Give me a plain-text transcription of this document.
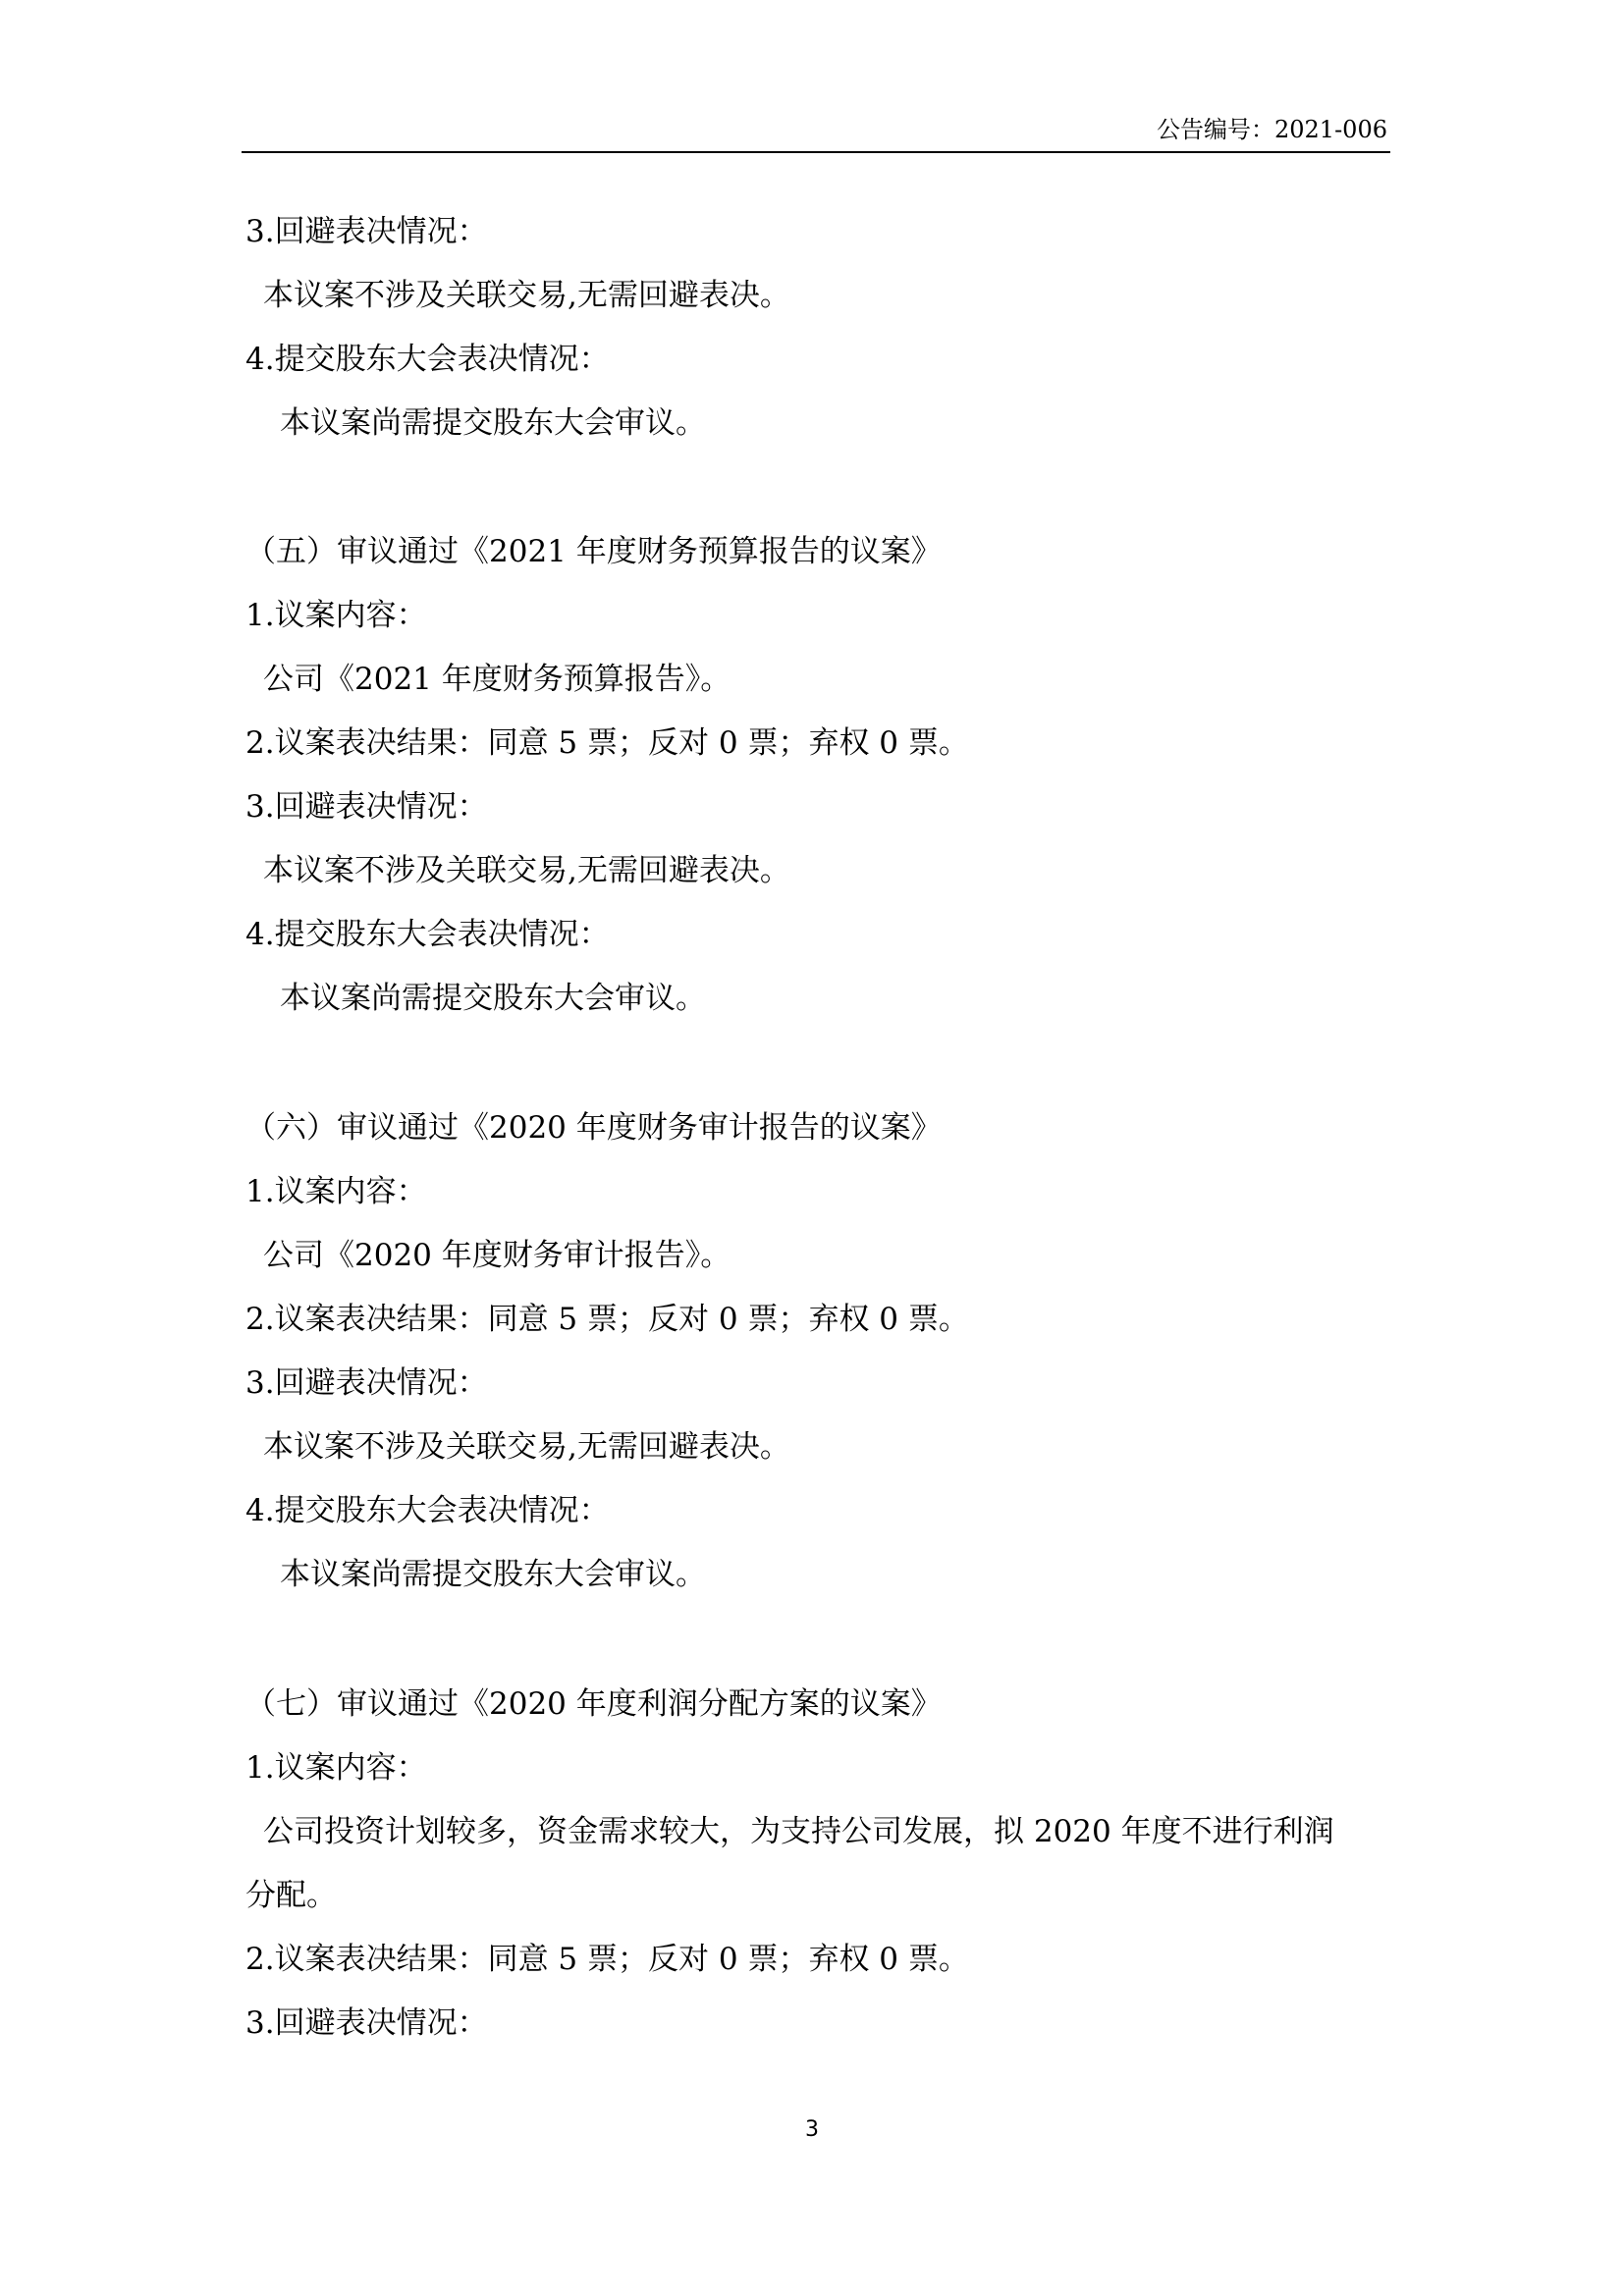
公告编号：2021-006
3.回避表决情况：
本议案不涉及关联交易,无需回避表决。
4.提交股东大会表决情况：
本议案尚需提交股东大会审议。
（五）审议通过《2021 年度财务预算报告的议案》
1.议案内容：
公司《2021 年度财务预算报告》。
2.议案表决结果：同意 5 票；反对 0 票；弃权 0 票。
3.回避表决情况：
本议案不涉及关联交易,无需回避表决。
4.提交股东大会表决情况：
本议案尚需提交股东大会审议。
（六）审议通过《2020 年度财务审计报告的议案》
1.议案内容：
公司《2020 年度财务审计报告》。
2.议案表决结果：同意 5 票；反对 0 票；弃权 0 票。
3.回避表决情况：
本议案不涉及关联交易,无需回避表决。
4.提交股东大会表决情况：
本议案尚需提交股东大会审议。
（七）审议通过《2020 年度利润分配方案的议案》
1.议案内容：
公司投资计划较多，资金需求较大，为支持公司发展，拟 2020 年度不进行利润
分配。
2.议案表决结果：同意 5 票；反对 0 票；弃权 0 票。
3.回避表决情况：
3
